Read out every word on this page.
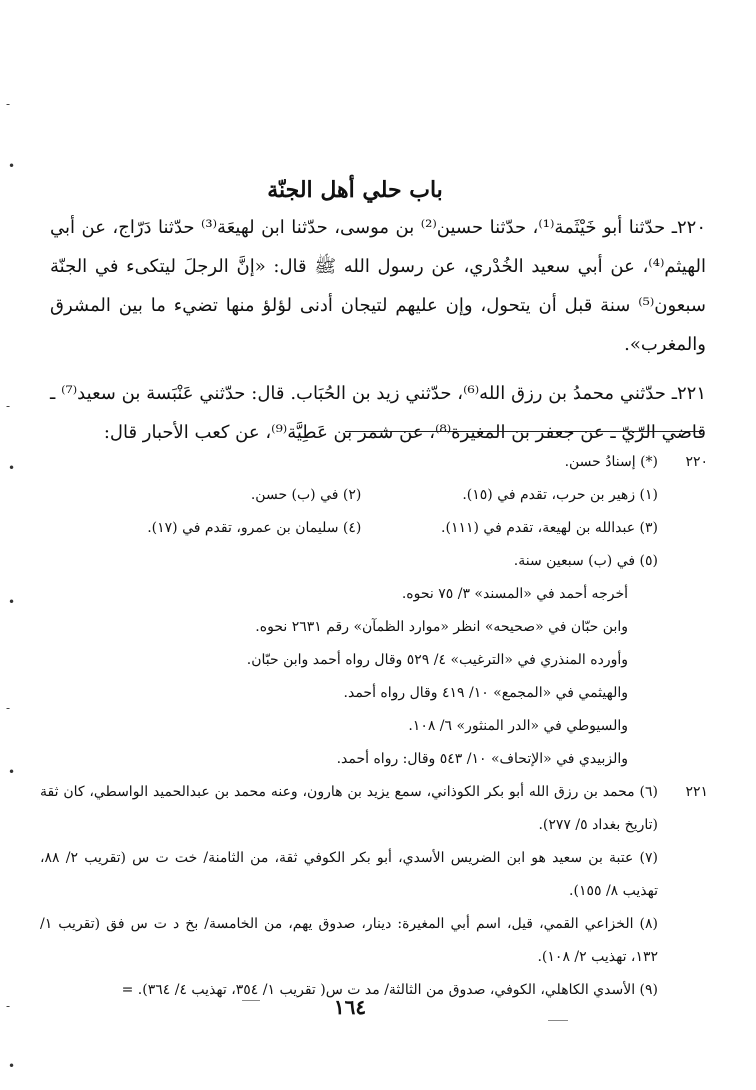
-
•
-
•
•
-
•
-
•
باب حلي أهل الجنّة

٢٢٠ـ حدّثنا أبو خَيْثَمة⁽¹⁾، حدّثنا حسين⁽²⁾ بن موسى، حدّثنا ابن لهيعَة⁽³⁾ حدّثنا دَرّاج، عن أبي الهيثم⁽⁴⁾، عن أبي سعيد الخُدْري، عن رسول الله ﷺ قال: «إنَّ الرجلَ ليتكىء في الجنّة سبعون⁽⁵⁾ سنة قبل أن يتحول، وإن عليهم لتيجان أدنى لؤلؤ منها تضيء ما بين المشرق والمغرب».

٢٢١ـ حدّثني محمدُ بن رزق الله⁽⁶⁾، حدّثني زيد بن الحُبَاب. قال: حدّثني عَنْبَسة بن سعيد⁽⁷⁾ ـ قاضي الرّيّ ـ عن جعفر بن المغيرة⁽⁸⁾، عن شمر بن عَطِيَّة⁽⁹⁾، عن كعب الأحبار قال:

٢٢٠
(*) إسنادُ حسن.
(١) زهير بن حرب، تقدم في (١٥).
(٢) في (ب) حسن.
(٣) عبدالله بن لهيعة، تقدم في (١١١).
(٤) سليمان بن عمرو، تقدم في (١٧).
(٥) في (ب) سبعين سنة.
أخرجه أحمد في «المسند» ٣/ ٧٥ نحوه.
وابن حبّان في «صحيحه» انظر «موارد الظمآن» رقم ٢٦٣١ نحوه.
وأورده المنذري في «الترغيب» ٤/ ٥٢٩ وقال رواه أحمد وابن حبّان.
والهيثمي في «المجمع» ١٠/ ٤١٩ وقال رواه أحمد.
والسيوطي في «الدر المنثور» ٦/ ١٠٨.
والزبيدي في «الإتحاف» ١٠/ ٥٤٣ وقال: رواه أحمد.
٢٢١
(٦) محمد بن رزق الله أبو بكر الكوذاني، سمع يزيد بن هارون، وعنه محمد بن عبدالحميد الواسطي، كان ثقة (تاريخ بغداد ٥/ ٢٧٧).
(٧) عتبة بن سعيد هو ابن الضريس الأسدي، أبو بكر الكوفي ثقة، من الثامنة/ خت ت س (تقريب ٢/ ٨٨، تهذيب ٨/ ١٥٥).
(٨) الخزاعي القمي، قيل، اسم أبي المغيرة: دينار، صدوق يهم، من الخامسة/ بخ د ت س فق (تقريب ١/ ١٣٢، تهذيب ٢/ ١٠٨).
(٩) الأسدي الكاهلي، الكوفي، صدوق من الثالثة/ مد ت س( تقريب ١/ ٣٥٤، تهذيب ٤/ ٣٦٤). =
١٦٤
